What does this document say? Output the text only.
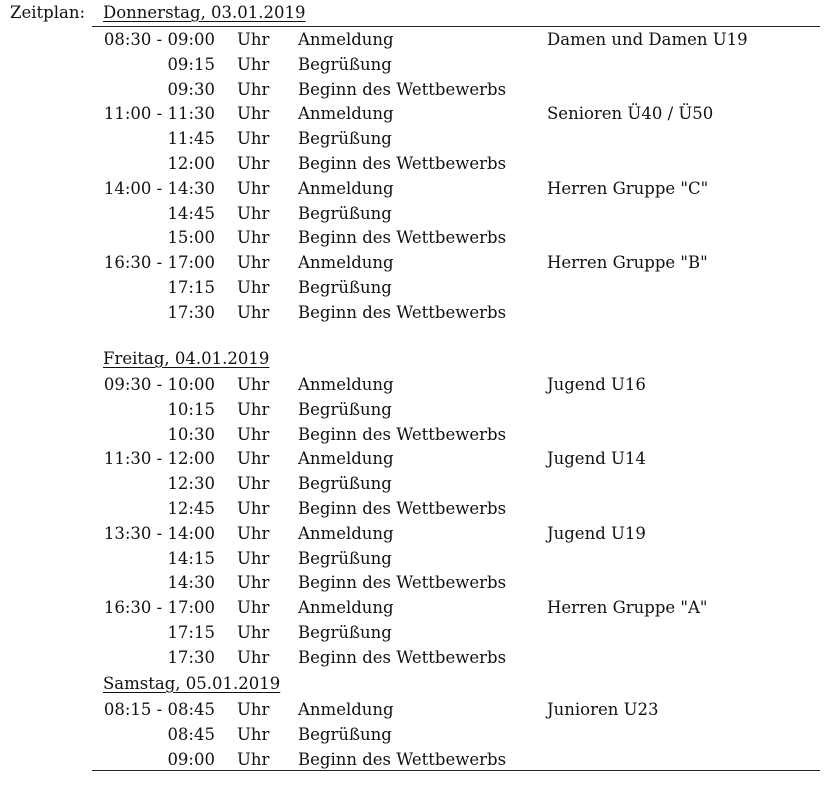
Zeitplan: Donnerstag, 03.01.2019
08:30 - 09:00 Uhr Anmeldung	Damen und Damen U19
09:15 Uhr Begrüßung
09:30 Uhr Beginn des Wettbewerbs
11:00 - 11:30 Uhr Anmeldung	Senioren Ü40 / Ü50
11:45 Uhr Begrüßung
12:00 Uhr Beginn des Wettbewerbs
14:00 - 14:30 Uhr Anmeldung	Herren Gruppe "C"
14:45 Uhr Begrüßung
15:00 Uhr Beginn des Wettbewerbs
16:30 - 17:00 Uhr Anmeldung	Herren Gruppe "B"
17:15 Uhr Begrüßung
17:30 Uhr Beginn des Wettbewerbs
Freitag, 04.01.2019
09:30 - 10:00 Uhr Anmeldung	Jugend U16
10:15 Uhr Begrüßung
10:30 Uhr Beginn des Wettbewerbs
11:30 - 12:00 Uhr Anmeldung	Jugend U14
12:30 Uhr Begrüßung
12:45 Uhr Beginn des Wettbewerbs
13:30 - 14:00 Uhr Anmeldung	Jugend U19
14:15 Uhr Begrüßung
14:30 Uhr Beginn des Wettbewerbs
16:30 - 17:00 Uhr Anmeldung	Herren Gruppe "A"
17:15 Uhr Begrüßung
17:30 Uhr Beginn des Wettbewerbs
Samstag, 05.01.2019
08:15 - 08:45 Uhr Anmeldung	Junioren U23
08:45 Uhr Begrüßung
09:00 Uhr Beginn des Wettbewerbs
